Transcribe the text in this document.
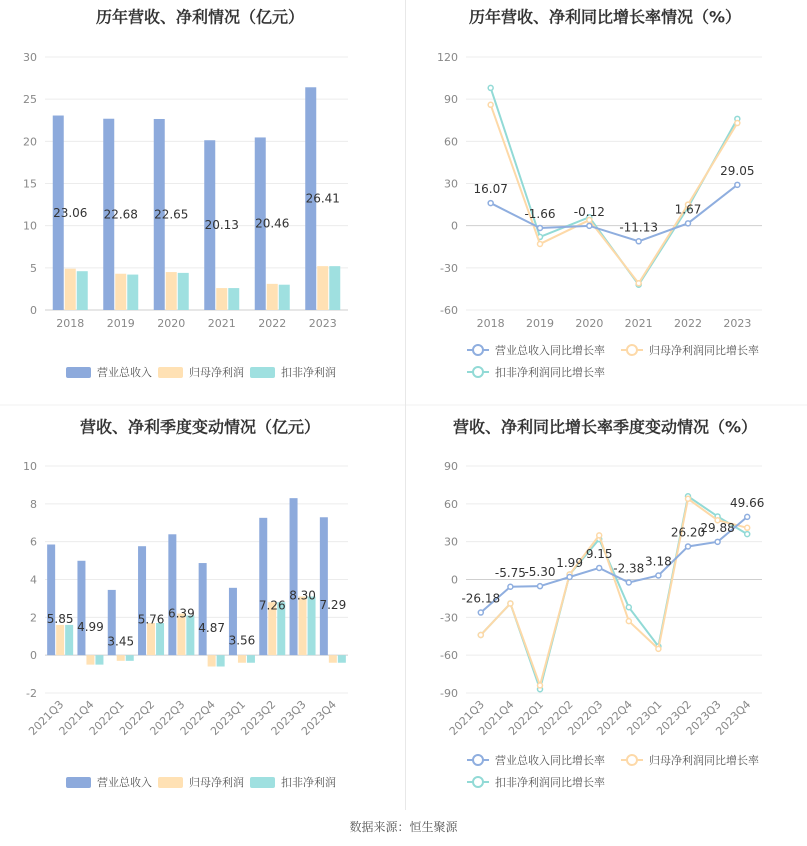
历年营收、净利情况（亿元）
0
5
10
15
20
25
30
2018 2019 2020 2021 2022 2023
23.06 22.68 22.65
20.13 20.46
26.41
营业总收入	归母净利润	扣非净利润
历年营收、净利同比增长率情况（%）
-60
-30
0
30
60
90
120
2018 2019 2020 2021 2022 2023
16.07
-1.66 -0.12
-11.13
1.67
29.05
营业总收入同比增长率	归母净利润同比增长率
扣非净利润同比增长率
营收、净利季度变动情况（亿元）
-2
0
2
4
6
8
10
2021Q3
2021Q4
2022Q1
2022Q2
2022Q3
2022Q4
2023Q1
2023Q2
2023Q3
2023Q4
5.85
4.99
3.45
5.76 6.39
4.87
3.56
7.26
8.30
7.29
营业总收入	归母净利润	扣非净利润
营收、净利同比增长率季度变动情况（%）
-90
-60
-30
0
30
60
90
2021Q3
2021Q4
2022Q1
2022Q2
2022Q3
2022Q4
2023Q1
2023Q2
2023Q3
2023Q4
-26.18
-5.75
-5.30
1.99
9.15
-2.38
3.18
26.20
29.88
49.66
营业总收入同比增长率	归母净利润同比增长率
扣非净利润同比增长率
数据来源：恒生聚源
